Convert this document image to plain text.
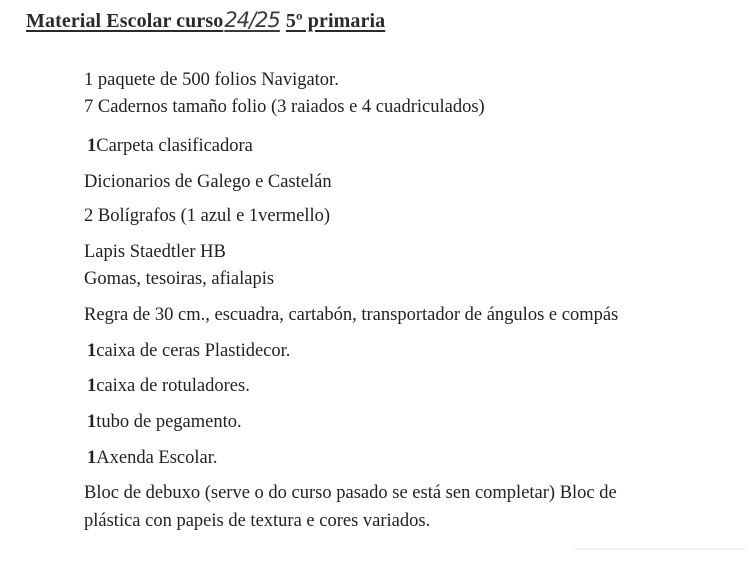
Material Escolar curso24/25 5º primaria
1 paquete de 500 folios Navigator.
7 Cadernos tamaño folio (3 raiados e 4 cuadriculados)
1Carpeta clasificadora
Dicionarios de Galego e Castelán
2 Bolígrafos (1 azul e 1vermello)
Lapis Staedtler HB
Gomas, tesoiras, afialapis
Regra de 30 cm., escuadra, cartabón, transportador de ángulos e compás
1caixa de ceras Plastidecor.
1caixa de rotuladores.
1tubo de pegamento.
1Axenda Escolar.
Bloc de debuxo (serve o do curso pasado se está sen completar) Bloc de
plástica con papeis de textura e cores variados.
